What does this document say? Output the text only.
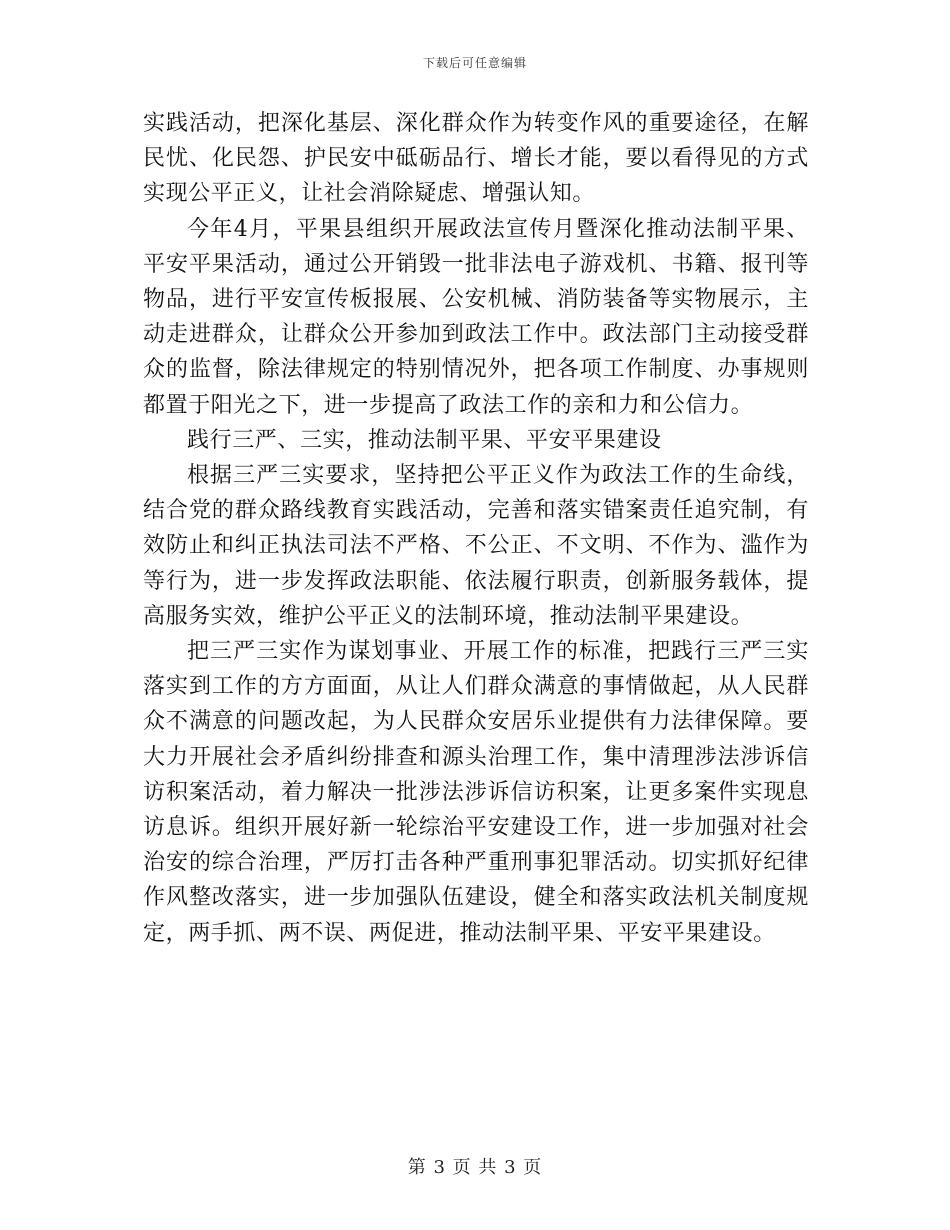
下载后可任意编辑

实践活动，把深化基层、深化群众作为转变作风的重要途径，在解民忧、化民怨、护民安中砥砺品行、增长才能，要以看得见的方式实现公平正义，让社会消除疑虑、增强认知。

今年4月，平果县组织开展政法宣传月暨深化推动法制平果、平安平果活动，通过公开销毁一批非法电子游戏机、书籍、报刊等物品，进行平安宣传板报展、公安机械、消防装备等实物展示，主动走进群众，让群众公开参加到政法工作中。政法部门主动接受群众的监督，除法律规定的特别情况外，把各项工作制度、办事规则都置于阳光之下，进一步提高了政法工作的亲和力和公信力。

践行三严、三实，推动法制平果、平安平果建设

根据三严三实要求，坚持把公平正义作为政法工作的生命线，结合党的群众路线教育实践活动，完善和落实错案责任追究制，有效防止和纠正执法司法不严格、不公正、不文明、不作为、滥作为等行为，进一步发挥政法职能、依法履行职责，创新服务载体，提高服务实效，维护公平正义的法制环境，推动法制平果建设。

把三严三实作为谋划事业、开展工作的标准，把践行三严三实落实到工作的方方面面，从让人们群众满意的事情做起，从人民群众不满意的问题改起，为人民群众安居乐业提供有力法律保障。要大力开展社会矛盾纠纷排查和源头治理工作，集中清理涉法涉诉信访积案活动，着力解决一批涉法涉诉信访积案，让更多案件实现息访息诉。组织开展好新一轮综治平安建设工作，进一步加强对社会治安的综合治理，严厉打击各种严重刑事犯罪活动。切实抓好纪律作风整改落实，进一步加强队伍建设，健全和落实政法机关制度规定，两手抓、两不误、两促进，推动法制平果、平安平果建设。

第 3 页 共 3 页
